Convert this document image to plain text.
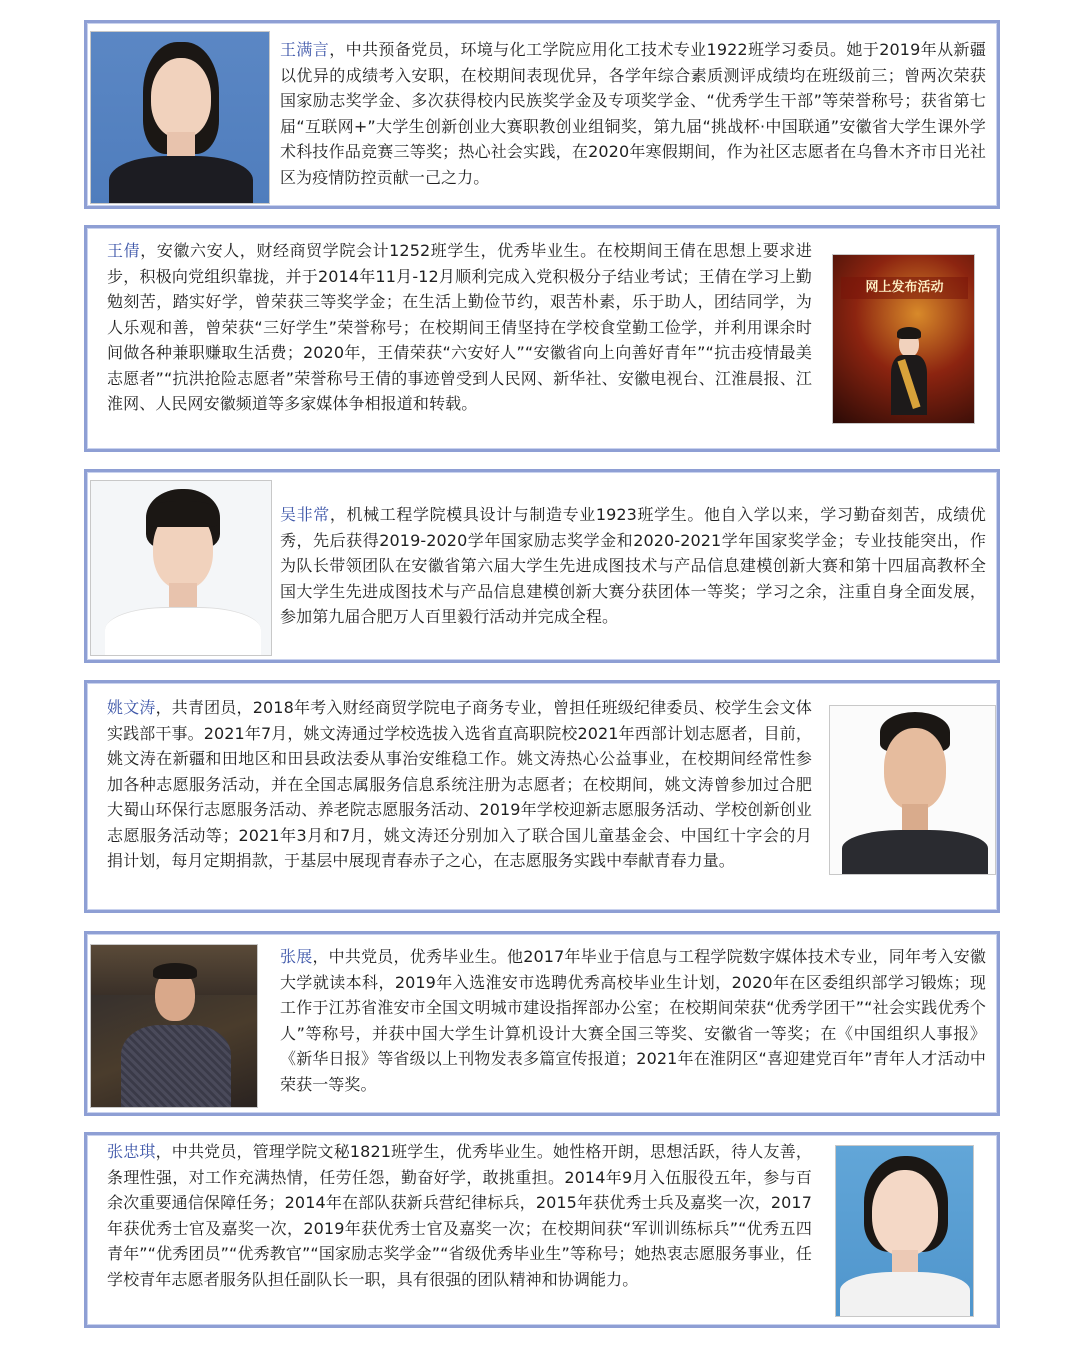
王满言，中共预备党员，环境与化工学院应用化工技术专业1922班学习委员。她于2019年从新疆以优异的成绩考入安职，在校期间表现优异，各学年综合素质测评成绩均在班级前三；曾两次荣获国家励志奖学金、多次获得校内民族奖学金及专项奖学金、“优秀学生干部”等荣誉称号；获省第七届“互联网+”大学生创新创业大赛职教创业组铜奖，第九届“挑战杯·中国联通”安徽省大学生课外学术科技作品竞赛三等奖；热心社会实践，在2020年寒假期间，作为社区志愿者在乌鲁木齐市日光社区为疫情防控贡献一己之力。
王倩，安徽六安人，财经商贸学院会计1252班学生，优秀毕业生。在校期间王倩在思想上要求进步，积极向党组织靠拢，并于2014年11月-12月顺利完成入党积极分子结业考试；王倩在学习上勤勉刻苦，踏实好学，曾荣获三等奖学金；在生活上勤俭节约，艰苦朴素，乐于助人，团结同学，为人乐观和善，曾荣获“三好学生”荣誉称号；在校期间王倩坚持在学校食堂勤工俭学，并利用课余时间做各种兼职赚取生活费；2020年，王倩荣获“六安好人”“安徽省向上向善好青年”“抗击疫情最美志愿者”“抗洪抢险志愿者”荣誉称号王倩的事迹曾受到人民网、新华社、安徽电视台、江淮晨报、江淮网、人民网安徽频道等多家媒体争相报道和转载。
网上发布活动
吴非常，机械工程学院模具设计与制造专业1923班学生。他自入学以来，学习勤奋刻苦，成绩优秀，先后获得2019-2020学年国家励志奖学金和2020-2021学年国家奖学金；专业技能突出，作为队长带领团队在安徽省第六届大学生先进成图技术与产品信息建模创新大赛和第十四届高教杯全国大学生先进成图技术与产品信息建模创新大赛分获团体一等奖；学习之余，注重自身全面发展，参加第九届合肥万人百里毅行活动并完成全程。
姚文涛，共青团员，2018年考入财经商贸学院电子商务专业，曾担任班级纪律委员、校学生会文体实践部干事。2021年7月，姚文涛通过学校选拔入选省直高职院校2021年西部计划志愿者，目前，姚文涛在新疆和田地区和田县政法委从事治安维稳工作。姚文涛热心公益事业，在校期间经常性参加各种志愿服务活动，并在全国志属服务信息系统注册为志愿者；在校期间，姚文涛曾参加过合肥大蜀山环保行志愿服务活动、养老院志愿服务活动、2019年学校迎新志愿服务活动、学校创新创业志愿服务活动等；2021年3月和7月，姚文涛还分别加入了联合国儿童基金会、中国红十字会的月捐计划，每月定期捐款，于基层中展现青春赤子之心，在志愿服务实践中奉献青春力量。
张展，中共党员，优秀毕业生。他2017年毕业于信息与工程学院数字媒体技术专业，同年考入安徽大学就读本科，2019年入选淮安市选聘优秀高校毕业生计划，2020年在区委组织部学习锻炼；现工作于江苏省淮安市全国文明城市建设指挥部办公室；在校期间荣获“优秀学团干”“社会实践优秀个人”等称号，并获中国大学生计算机设计大赛全国三等奖、安徽省一等奖；在《中国组织人事报》《新华日报》等省级以上刊物发表多篇宣传报道；2021年在淮阴区“喜迎建党百年”青年人才活动中荣获一等奖。
张忠琪，中共党员，管理学院文秘1821班学生，优秀毕业生。她性格开朗，思想活跃，待人友善，条理性强，对工作充满热情，任劳任怨，勤奋好学，敢挑重担。2014年9月入伍服役五年，参与百余次重要通信保障任务；2014年在部队获新兵营纪律标兵，2015年获优秀士兵及嘉奖一次，2017年获优秀士官及嘉奖一次，2019年获优秀士官及嘉奖一次；在校期间获“军训训练标兵”“优秀五四青年”“优秀团员”“优秀教官”“国家励志奖学金”“省级优秀毕业生”等称号；她热衷志愿服务事业，任学校青年志愿者服务队担任副队长一职，具有很强的团队精神和协调能力。
